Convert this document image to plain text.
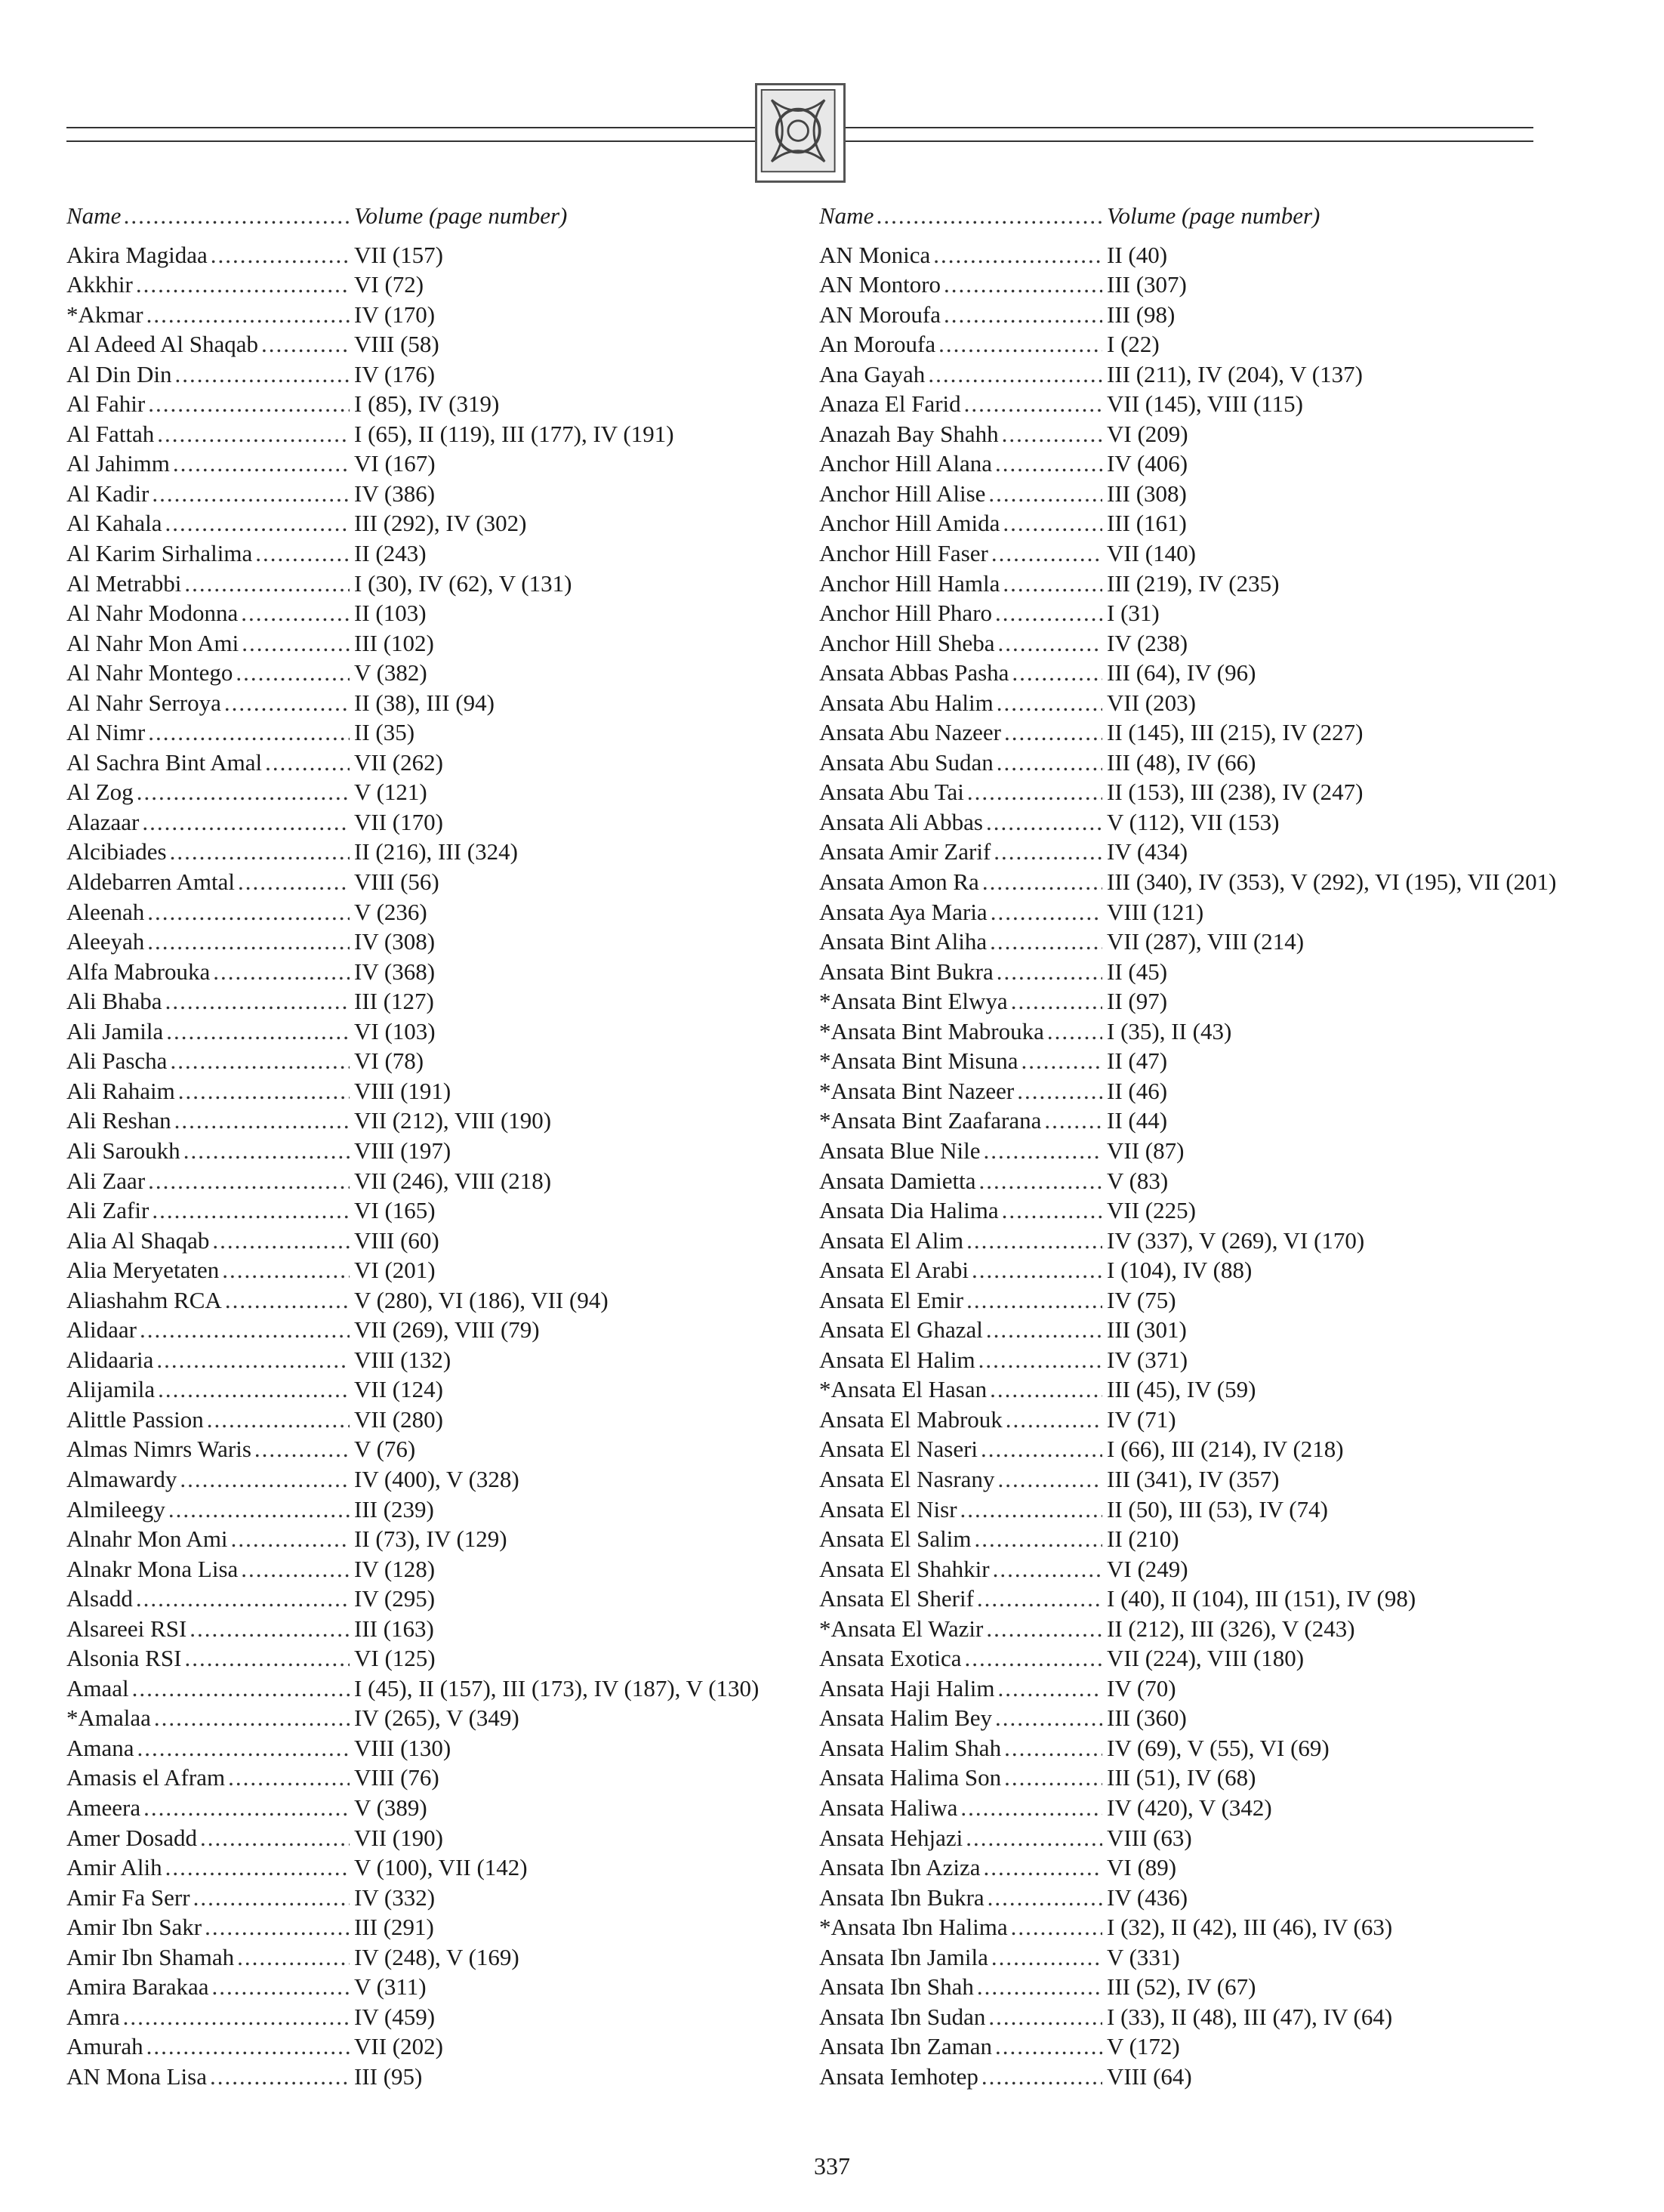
Name .....	Volume (page number)
Akira Magidaa .....	VII (157)
Akkhir .....	VI (72)
*Akmar .....	IV (170)
Al Adeed Al Shaqab .....	VIII (58)
Al Din Din .....	IV (176)
Al Fahir .....	I (85), IV (319)
Al Fattah .....	I (65), II (119), III (177), IV (191)
Al Jahimm .....	VI (167)
Al Kadir .....	IV (386)
Al Kahala .....	III (292), IV (302)
Al Karim Sirhalima .....	II (243)
Al Metrabbi .....	I (30), IV (62), V (131)
Al Nahr Modonna .....	II (103)
Al Nahr Mon Ami .....	III (102)
Al Nahr Montego .....	V (382)
Al Nahr Serroya .....	II (38), III (94)
Al Nimr .....	II (35)
Al Sachra Bint Amal .....	VII (262)
Al Zog .....	V (121)
Alazaar .....	VII (170)
Alcibiades .....	II (216), III (324)
Aldebarren Amtal .....	VIII (56)
Aleenah .....	V (236)
Aleeyah .....	IV (308)
Alfa Mabrouka .....	IV (368)
Ali Bhaba .....	III (127)
Ali Jamila .....	VI (103)
Ali Pascha .....	VI (78)
Ali Rahaim .....	VIII (191)
Ali Reshan .....	VII (212), VIII (190)
Ali Saroukh .....	VIII (197)
Ali Zaar .....	VII (246), VIII (218)
Ali Zafir .....	VI (165)
Alia Al Shaqab .....	VIII (60)
Alia Meryetaten .....	VI (201)
Aliashahm RCA .....	V (280), VI (186), VII (94)
Alidaar .....	VII (269), VIII (79)
Alidaaria .....	VIII (132)
Alijamila .....	VII (124)
Alittle Passion .....	VII (280)
Almas Nimrs Waris .....	V (76)
Almawardy .....	IV (400), V (328)
Almileegy .....	III (239)
Alnahr Mon Ami .....	II (73), IV (129)
Alnakr Mona Lisa .....	IV (128)
Alsadd .....	IV (295)
Alsareei RSI .....	III (163)
Alsonia RSI .....	VI (125)
Amaal .....	I (45), II (157), III (173), IV (187), V (130)
*Amalaa .....	IV (265), V (349)
Amana .....	VIII (130)
Amasis el Afram .....	VIII (76)
Ameera .....	V (389)
Amer Dosadd .....	VII (190)
Amir Alih .....	V (100), VII (142)
Amir Fa Serr .....	IV (332)
Amir Ibn Sakr .....	III (291)
Amir Ibn Shamah .....	IV (248), V (169)
Amira Barakaa .....	V (311)
Amra .....	IV (459)
Amurah .....	VII (202)
AN Mona Lisa .....	III (95)
Name .....	Volume (page number)
AN Monica .....	II (40)
AN Montoro .....	III (307)
AN Moroufa .....	III (98)
An Moroufa .....	I (22)
Ana Gayah .....	III (211), IV (204), V (137)
Anaza El Farid .....	VII (145), VIII (115)
Anazah Bay Shahh .....	VI (209)
Anchor Hill Alana .....	IV (406)
Anchor Hill Alise .....	III (308)
Anchor Hill Amida .....	III (161)
Anchor Hill Faser .....	VII (140)
Anchor Hill Hamla .....	III (219), IV (235)
Anchor Hill Pharo .....	I (31)
Anchor Hill Sheba .....	IV (238)
Ansata Abbas Pasha .....	III (64), IV (96)
Ansata Abu Halim .....	VII (203)
Ansata Abu Nazeer .....	II (145), III (215), IV (227)
Ansata Abu Sudan .....	III (48), IV (66)
Ansata Abu Tai .....	II (153), III (238), IV (247)
Ansata Ali Abbas .....	V (112), VII (153)
Ansata Amir Zarif .....	IV (434)
Ansata Amon Ra .....	III (340), IV (353), V (292), VI (195), VII (201)
Ansata Aya Maria .....	VIII (121)
Ansata Bint Aliha .....	VII (287), VIII (214)
Ansata Bint Bukra .....	II (45)
*Ansata Bint Elwya .....	II (97)
*Ansata Bint Mabrouka .....	I (35), II (43)
*Ansata Bint Misuna .....	II (47)
*Ansata Bint Nazeer .....	II (46)
*Ansata Bint Zaafarana .....	II (44)
Ansata Blue Nile .....	VII (87)
Ansata Damietta .....	V (83)
Ansata Dia Halima .....	VII (225)
Ansata El Alim .....	IV (337), V (269), VI (170)
Ansata El Arabi .....	I (104), IV (88)
Ansata El Emir .....	IV (75)
Ansata El Ghazal .....	III (301)
Ansata El Halim .....	IV (371)
*Ansata El Hasan .....	III (45), IV (59)
Ansata El Mabrouk .....	IV (71)
Ansata El Naseri .....	I (66), III (214), IV (218)
Ansata El Nasrany .....	III (341), IV (357)
Ansata El Nisr .....	II (50), III (53), IV (74)
Ansata El Salim .....	II (210)
Ansata El Shahkir .....	VI (249)
Ansata El Sherif .....	I (40), II (104), III (151), IV (98)
*Ansata El Wazir .....	II (212), III (326), V (243)
Ansata Exotica .....	VII (224), VIII (180)
Ansata Haji Halim .....	IV (70)
Ansata Halim Bey .....	III (360)
Ansata Halim Shah .....	IV (69), V (55), VI (69)
Ansata Halima Son .....	III (51), IV (68)
Ansata Haliwa .....	IV (420), V (342)
Ansata Hehjazi .....	VIII (63)
Ansata Ibn Aziza .....	VI (89)
Ansata Ibn Bukra .....	IV (436)
*Ansata Ibn Halima .....	I (32), II (42), III (46), IV (63)
Ansata Ibn Jamila .....	V (331)
Ansata Ibn Shah .....	III (52), IV (67)
Ansata Ibn Sudan .....	I (33), II (48), III (47), IV (64)
Ansata Ibn Zaman .....	V (172)
Ansata Iemhotep .....	VIII (64)
337
